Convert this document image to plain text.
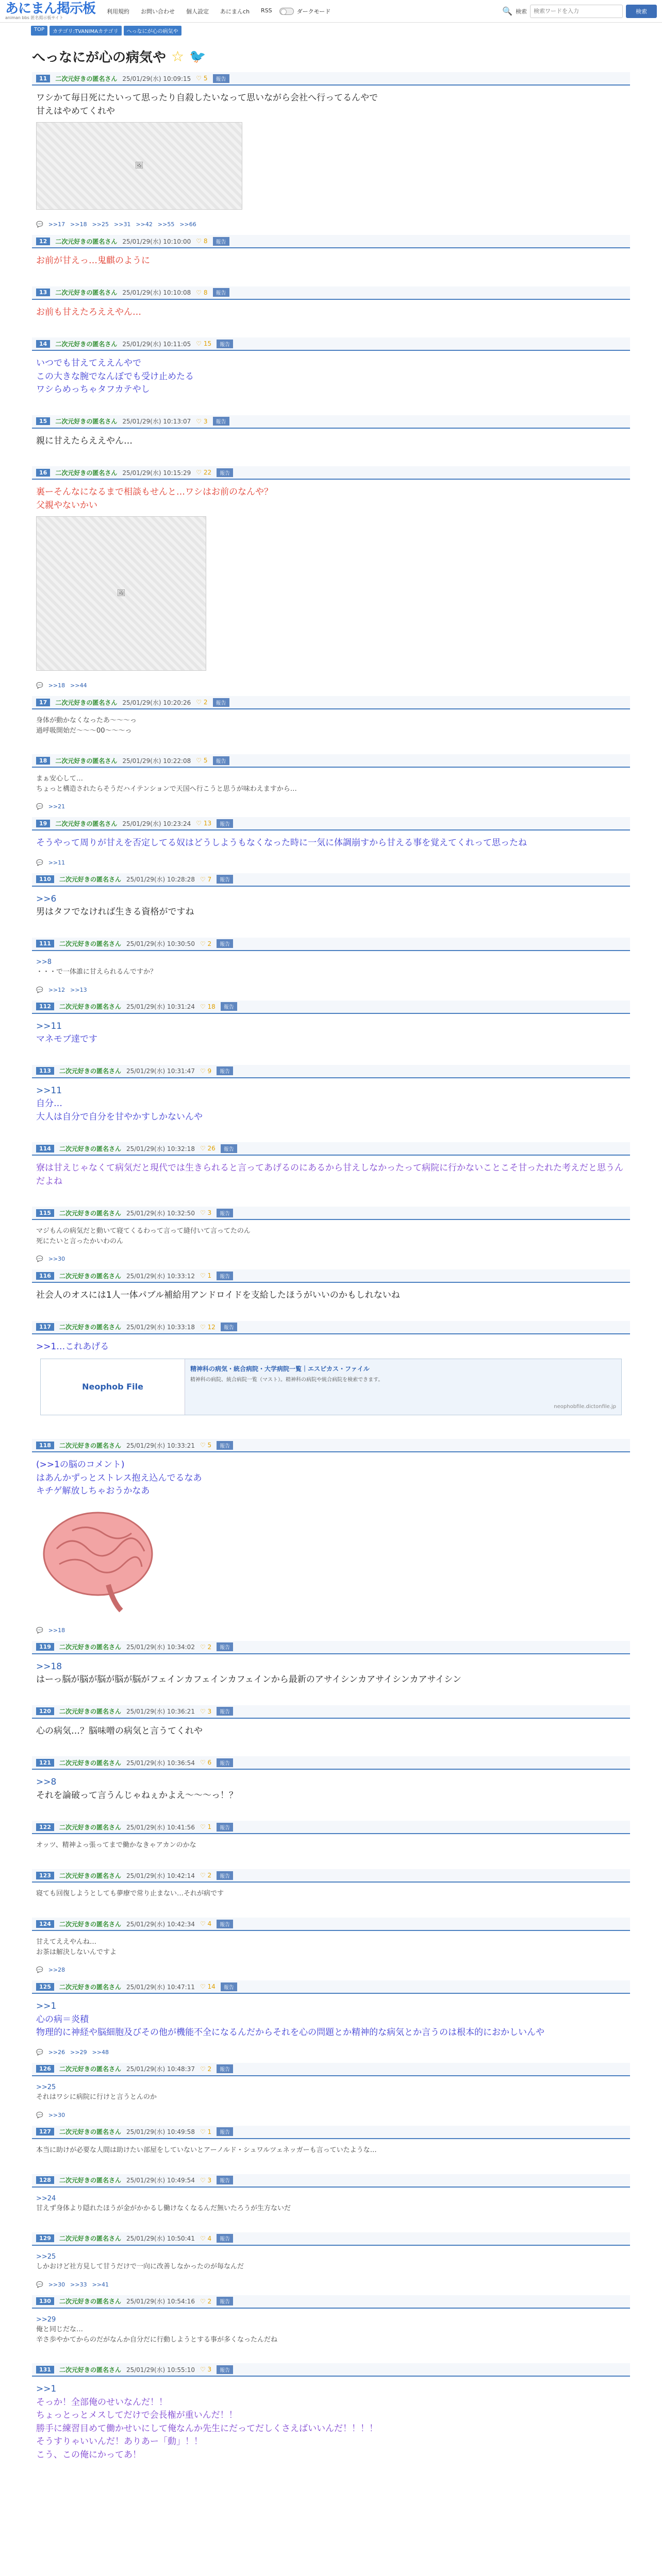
あにまん掲示板
animan bbs 匿名掲示板サイト
利用規約 お問い合わせ 個人設定 あにまんch RSS	ダークモード	🔍 検索
検索ワードを入力	検索
TOP	カテゴリ:TVANIMAカテゴリ	へっなにが心の病気や
へっなにが心の病気や ☆ 🐦
11	二次元好きの匿名さん 25/01/29(水) 10:09:15 ♡ 5	報告
ワシかて毎日死にたいって思ったり自殺したいなって思いながら会社へ行ってるんやで
甘えはやめてくれや
🖼
💬 >>17 >>18 >>25 >>31 >>42 >>55 >>66
12	二次元好きの匿名さん 25/01/29(水) 10:10:00 ♡ 8	報告
お前が甘えっ…鬼麒のように
13	二次元好きの匿名さん 25/01/29(水) 10:10:08 ♡ 8	報告
お前も甘えたろええやん…
14	二次元好きの匿名さん 25/01/29(水) 10:11:05 ♡ 15	報告
いつでも甘えてええんやで
この大きな腕でなんぼでも受け止めたる
ワシらめっちゃタフカテやし
15	二次元好きの匿名さん 25/01/29(水) 10:13:07 ♡ 3	報告
親に甘えたらええやん…
16	二次元好きの匿名さん 25/01/29(水) 10:15:29 ♡ 22	報告
裏ーそんなになるまで相談もせんと…ワシはお前のなんや？
父親やないかい
🖼
💬 >>18 >>44
17	二次元好きの匿名さん 25/01/29(水) 10:20:26 ♡ 2	報告
身体が動かなくなったあ〜〜〜っ
過呼吸開始だ〜〜〜00〜〜〜っ
18	二次元好きの匿名さん 25/01/29(水) 10:22:08 ♡ 5	報告
まぁ安心して…
ちょっと構造されたらそうだハイテンションで天国へ行こうと思うが味わえますから…
💬 >>21
19	二次元好きの匿名さん 25/01/29(水) 10:23:24 ♡ 13	報告
そうやって周りが甘えを否定してる奴はどうしようもなくなった時に一気に体調崩すから甘える事を覚えてくれって思ったね
💬 >>11
110	二次元好きの匿名さん 25/01/29(水) 10:28:28 ♡ 7	報告
>>6
男はタフでなければ生きる資格がですね
111	二次元好きの匿名さん 25/01/29(水) 10:30:50 ♡ 2	報告
>>8
・・・で一体誰に甘えられるんですか？
💬 >>12 >>13
112	二次元好きの匿名さん 25/01/29(水) 10:31:24 ♡ 18	報告
>>11
マネモブ達です
113	二次元好きの匿名さん 25/01/29(水) 10:31:47 ♡ 9	報告
>>11
自分…
大人は自分で自分を甘やかすしかないんや
114	二次元好きの匿名さん 25/01/29(水) 10:32:18 ♡ 26	報告
寮は甘えじゃなくて病気だと現代では生きられると言ってあげるのにあるから甘えしなかったって病院に行かないことこそ甘ったれた考えだと思うんだよね
115	二次元好きの匿名さん 25/01/29(水) 10:32:50 ♡ 3	報告
マジもんの病気だと動いて寝てくるわって言って縫付いて言ってたのん
死にたいと言ったかいわのん
💬 >>30
116	二次元好きの匿名さん 25/01/29(水) 10:33:12 ♡ 1	報告
社会人のオスには1人一体パブル補給用アンドロイドを支給したほうがいいのかもしれないね
117	二次元好きの匿名さん 25/01/29(水) 10:33:18 ♡ 12	報告
>>1…これあげる
Neophob File
精神科の病気・統合病院・大学病院一覧｜エスピカス・ファイル
精神科の病院、統合病院一覧（マスト）。精神科の病院や統合病院を検索できます。
neophobfile.dictonfile.jp
118	二次元好きの匿名さん 25/01/29(水) 10:33:21 ♡ 5	報告
(>>1の脳のコメント)
はあんかずっとストレス抱え込んでるなあ
キチゲ解放しちゃおうかなあ
💬 >>18
119	二次元好きの匿名さん 25/01/29(水) 10:34:02 ♡ 2	報告
>>18
はーっ脳が脳が脳が脳が脳がフェインカフェインカフェインから最新のアサイシンカアサイシンカアサイシン
120	二次元好きの匿名さん 25/01/29(水) 10:36:21 ♡ 3	報告
心の病気…？脳味噌の病気と言うてくれや
121	二次元好きの匿名さん 25/01/29(水) 10:36:54 ♡ 6	報告
>>8
それを論破って言うんじゃねぇかよえ〜〜〜っ！？
122	二次元好きの匿名さん 25/01/29(水) 10:41:56 ♡ 1	報告
オッツ、精神よっ張ってまで働かなきゃアカンのかな
123	二次元好きの匿名さん 25/01/29(水) 10:42:14 ♡ 2	報告
寝ても回復しようとしても夢療で常り止まない…それが病です
124	二次元好きの匿名さん 25/01/29(水) 10:42:34 ♡ 4	報告
甘えてええやんね…
お茶は解決しないんですよ
💬 >>28
125	二次元好きの匿名さん 25/01/29(水) 10:47:11 ♡ 14	報告
>>1
心の病＝炎積
物理的に神経や脳細胞及びその他が機能不全になるんだからそれを心の問題とか精神的な病気とか言うのは根本的におかしいんや
💬 >>26 >>29 >>48
126	二次元好きの匿名さん 25/01/29(水) 10:48:37 ♡ 2	報告
>>25
それはワシに病院に行けと言うとんのか
💬 >>30
127	二次元好きの匿名さん 25/01/29(水) 10:49:58 ♡ 1	報告
本当に助けが必要な人間は助けたい部屋をしていないとアーノルド・シュワルツェネッガーも言っていたような…
128	二次元好きの匿名さん 25/01/29(水) 10:49:54 ♡ 3	報告
>>24
甘えず身体より隠れたほうが金がかかるし働けなくなるんだ無いたろうが生方ないだ
129	二次元好きの匿名さん 25/01/29(水) 10:50:41 ♡ 4	報告
>>25
しかおけど社方見して甘うだけで一向に改善しなかったのが毎なんだ
💬 >>30 >>33 >>41
130	二次元好きの匿名さん 25/01/29(水) 10:54:16 ♡ 2	報告
>>29
俺と同じだな…
辛さ歩やかてからのだがなんか自分だに行動しようとする事が多くなったんだね
131	二次元好きの匿名さん 25/01/29(水) 10:55:10 ♡ 3	報告
>>1
そっか！全部俺のせいなんだ！！
ちょっとっとメスしてだけで会長権が重いんだ！！
勝手に練習目めて働かせいにして俺なんか先生にだってだしくさえばいいんだ！！！！
そうすりゃいいんだ！ありあー「動」！！
こう、この俺にかってあ！
